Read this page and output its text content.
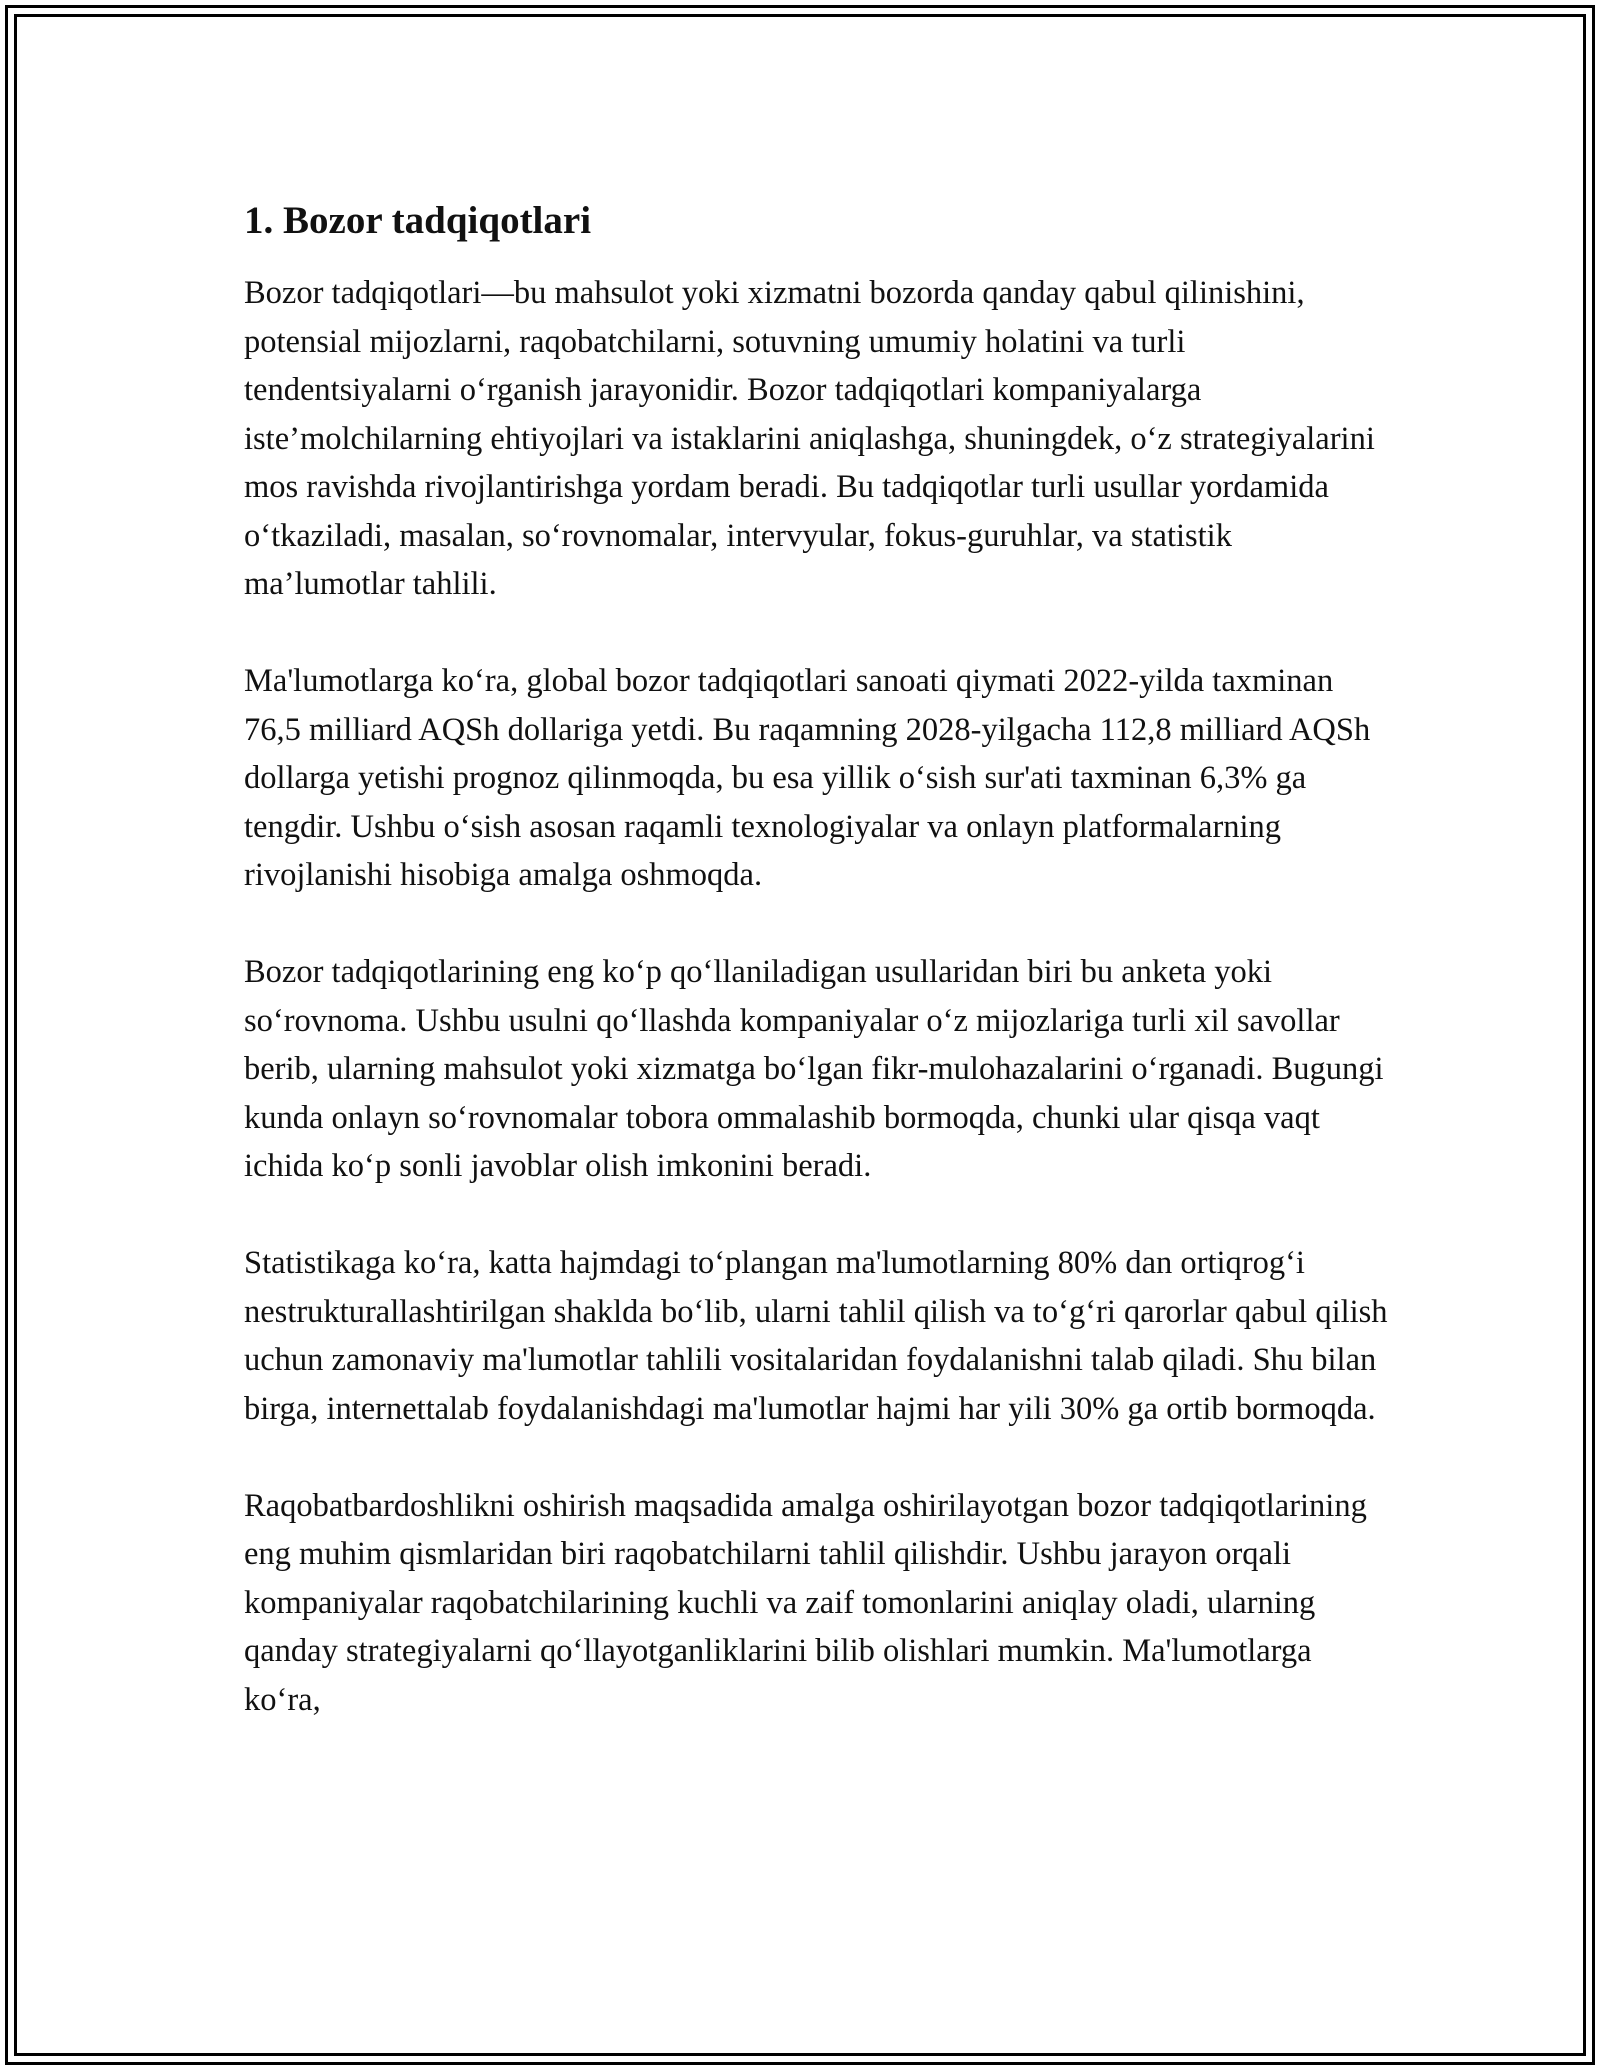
1. Bozor tadqiqotlari

Bozor tadqiqotlari—bu mahsulot yoki xizmatni bozorda qanday qabul qilinishini, potensial mijozlarni, raqobatchilarni, sotuvning umumiy holatini va turli tendentsiyalarni oʻrganish jarayonidir. Bozor tadqiqotlari kompaniyalarga iste’molchilarning ehtiyojlari va istaklarini aniqlashga, shuningdek, oʻz strategiyalarini mos ravishda rivojlantirishga yordam beradi. Bu tadqiqotlar turli usullar yordamida oʻtkaziladi, masalan, soʻrovnomalar, intervyular, fokus-guruhlar, va statistik ma’lumotlar tahlili.

Ma'lumotlarga koʻra, global bozor tadqiqotlari sanoati qiymati 2022-yilda taxminan 76,5 milliard AQSh dollariga yetdi. Bu raqamning 2028-yilgacha 112,8 milliard AQSh dollarga yetishi prognoz qilinmoqda, bu esa yillik oʻsish sur'ati taxminan 6,3% ga tengdir. Ushbu oʻsish asosan raqamli texnologiyalar va onlayn platformalarning rivojlanishi hisobiga amalga oshmoqda.

Bozor tadqiqotlarining eng koʻp qoʻllaniladigan usullaridan biri bu anketa yoki soʻrovnoma. Ushbu usulni qoʻllashda kompaniyalar oʻz mijozlariga turli xil savollar berib, ularning mahsulot yoki xizmatga boʻlgan fikr-mulohazalarini oʻrganadi. Bugungi kunda onlayn soʻrovnomalar tobora ommalashib bormoqda, chunki ular qisqa vaqt ichida koʻp sonli javoblar olish imkonini beradi.

Statistikaga koʻra, katta hajmdagi toʻplangan ma'lumotlarning 80% dan ortiqrogʻi nestrukturallashtirilgan shaklda boʻlib, ularni tahlil qilish va toʻgʻri qarorlar qabul qilish uchun zamonaviy ma'lumotlar tahlili vositalaridan foydalanishni talab qiladi. Shu bilan birga, internettalab foydalanishdagi ma'lumotlar hajmi har yili 30% ga ortib bormoqda.

Raqobatbardoshlikni oshirish maqsadida amalga oshirilayotgan bozor tadqiqotlarining eng muhim qismlaridan biri raqobatchilarni tahlil qilishdir. Ushbu jarayon orqali kompaniyalar raqobatchilarining kuchli va zaif tomonlarini aniqlay oladi, ularning qanday strategiyalarni qoʻllayotganliklarini bilib olishlari mumkin. Ma'lumotlarga koʻra,
